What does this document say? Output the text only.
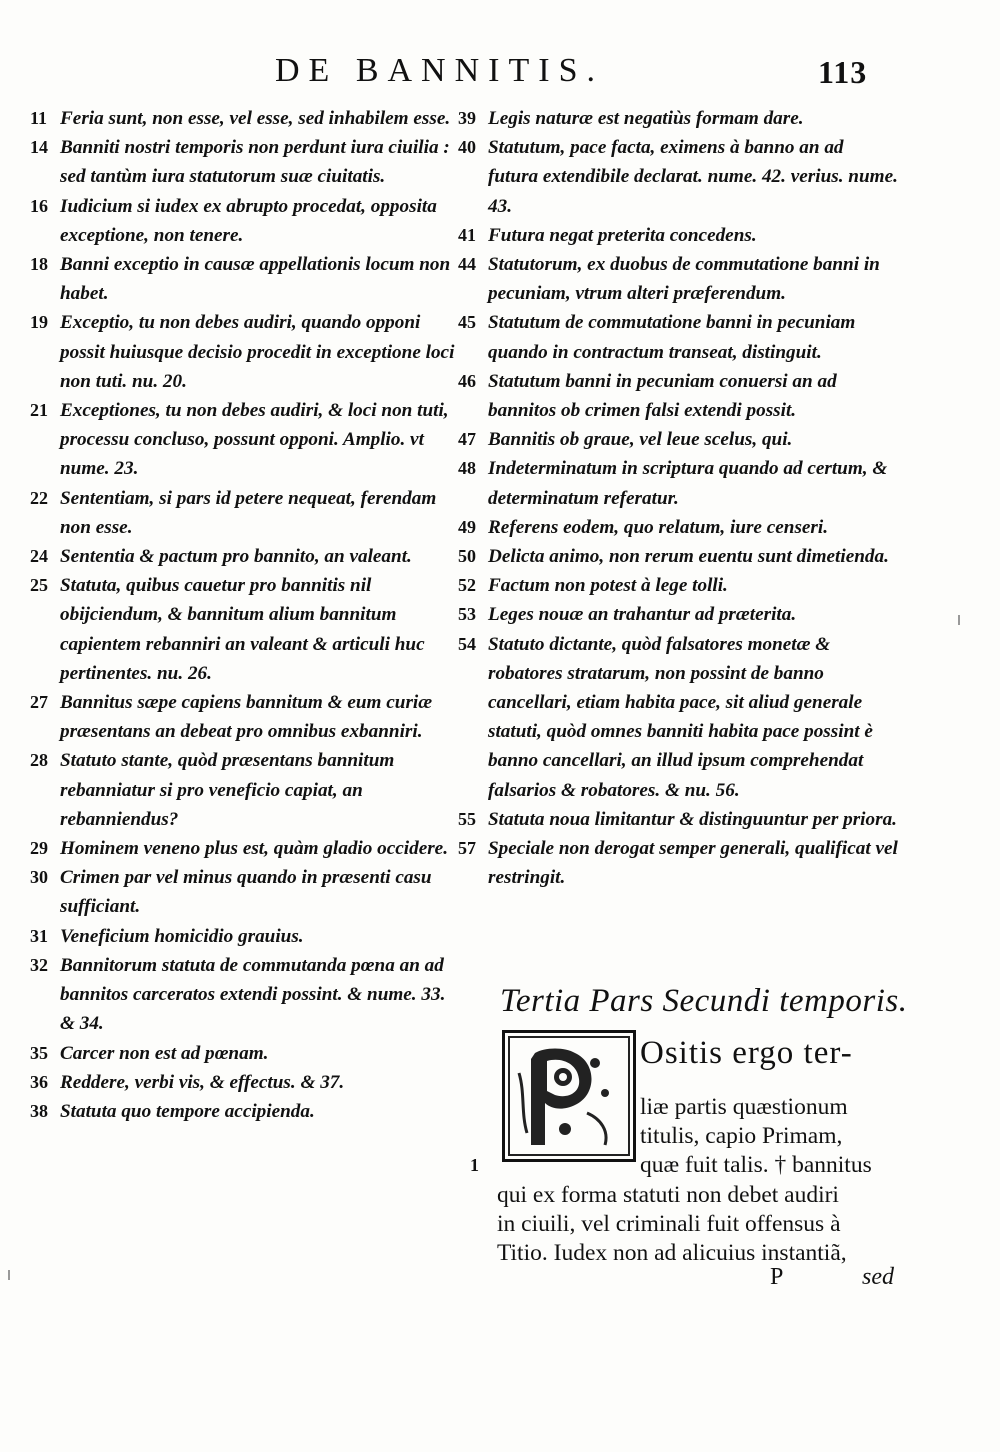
DE BANNITIS.	113

11 Feria sunt, non esse, vel esse, sed inhabilem esse.

14 Banniti nostri temporis non perdunt iura ciuilia : sed tantùm iura statutorum suæ ciuitatis.

16 Iudicium si iudex ex abrupto procedat, opposita exceptione, non tenere.

18 Banni exceptio in causæ appellationis locum non habet.

19 Exceptio, tu non debes audiri, quando opponi possit huiusque decisio procedit in exceptione loci non tuti. nu. 20.

21 Exceptiones, tu non debes audiri, & loci non tuti, processu concluso, possunt opponi. Amplio. vt nume. 23.

22 Sententiam, si pars id petere nequeat, ferendam non esse.

24 Sententia & pactum pro bannito, an valeant.

25 Statuta, quibus cauetur pro bannitis nil obijciendum, & bannitum alium bannitum capientem rebanniri an valeant & articuli huc pertinentes. nu. 26.

27 Bannitus sæpe capiens bannitum & eum curiæ præsentans an debeat pro omnibus exbanniri.

28 Statuto stante, quòd præsentans bannitum rebanniatur si pro veneficio capiat, an rebanniendus?

29 Hominem veneno plus est, quàm gladio occidere.

30 Crimen par vel minus quando in præsenti casu sufficiant.

31 Veneficium homicidio grauius.

32 Bannitorum statuta de commutanda pœna an ad bannitos carceratos extendi possint. & nume. 33. & 34.

35 Carcer non est ad pœnam.

36 Reddere, verbi vis, & effectus. & 37.

38 Statuta quo tempore accipienda.

39 Legis naturæ est negatiùs formam dare.

40 Statutum, pace facta, eximens à banno an ad futura extendibile declarat. nume. 42. verius. nume. 43.

41 Futura negat preterita concedens.

44 Statutorum, ex duobus de commutatione banni in pecuniam, vtrum alteri præferendum.

45 Statutum de commutatione banni in pecuniam quando in contractum transeat, distinguit.

46 Statutum banni in pecuniam conuersi an ad bannitos ob crimen falsi extendi possit.

47 Bannitis ob graue, vel leue scelus, qui.

48 Indeterminatum in scriptura quando ad certum, & determinatum referatur.

49 Referens eodem, quo relatum, iure censeri.

50 Delicta animo, non rerum euentu sunt dimetienda.

52 Factum non potest à lege tolli.

53 Leges nouæ an trahantur ad præterita.

54 Statuto dictante, quòd falsatores monetæ & robatores stratarum, non possint de banno cancellari, etiam habita pace, sit aliud generale statuti, quòd omnes banniti habita pace possint è banno cancellari, an illud ipsum comprehendat falsarios & robatores. & nu. 56.

55 Statuta noua limitantur & distinguuntur per priora.

57 Speciale non derogat semper generali, qualificat vel restringit.

Tertia Pars Secundi temporis.
Ositis ergo ter-
liæ partis quæstionum
titulis, capio Primam,
quæ fuit talis. † bannitus
qui ex forma statuti non debet audiri
in ciuili, vel criminali fuit offensus à
Titio. Iudex non ad alicuius instantiã,
1
P	sed
